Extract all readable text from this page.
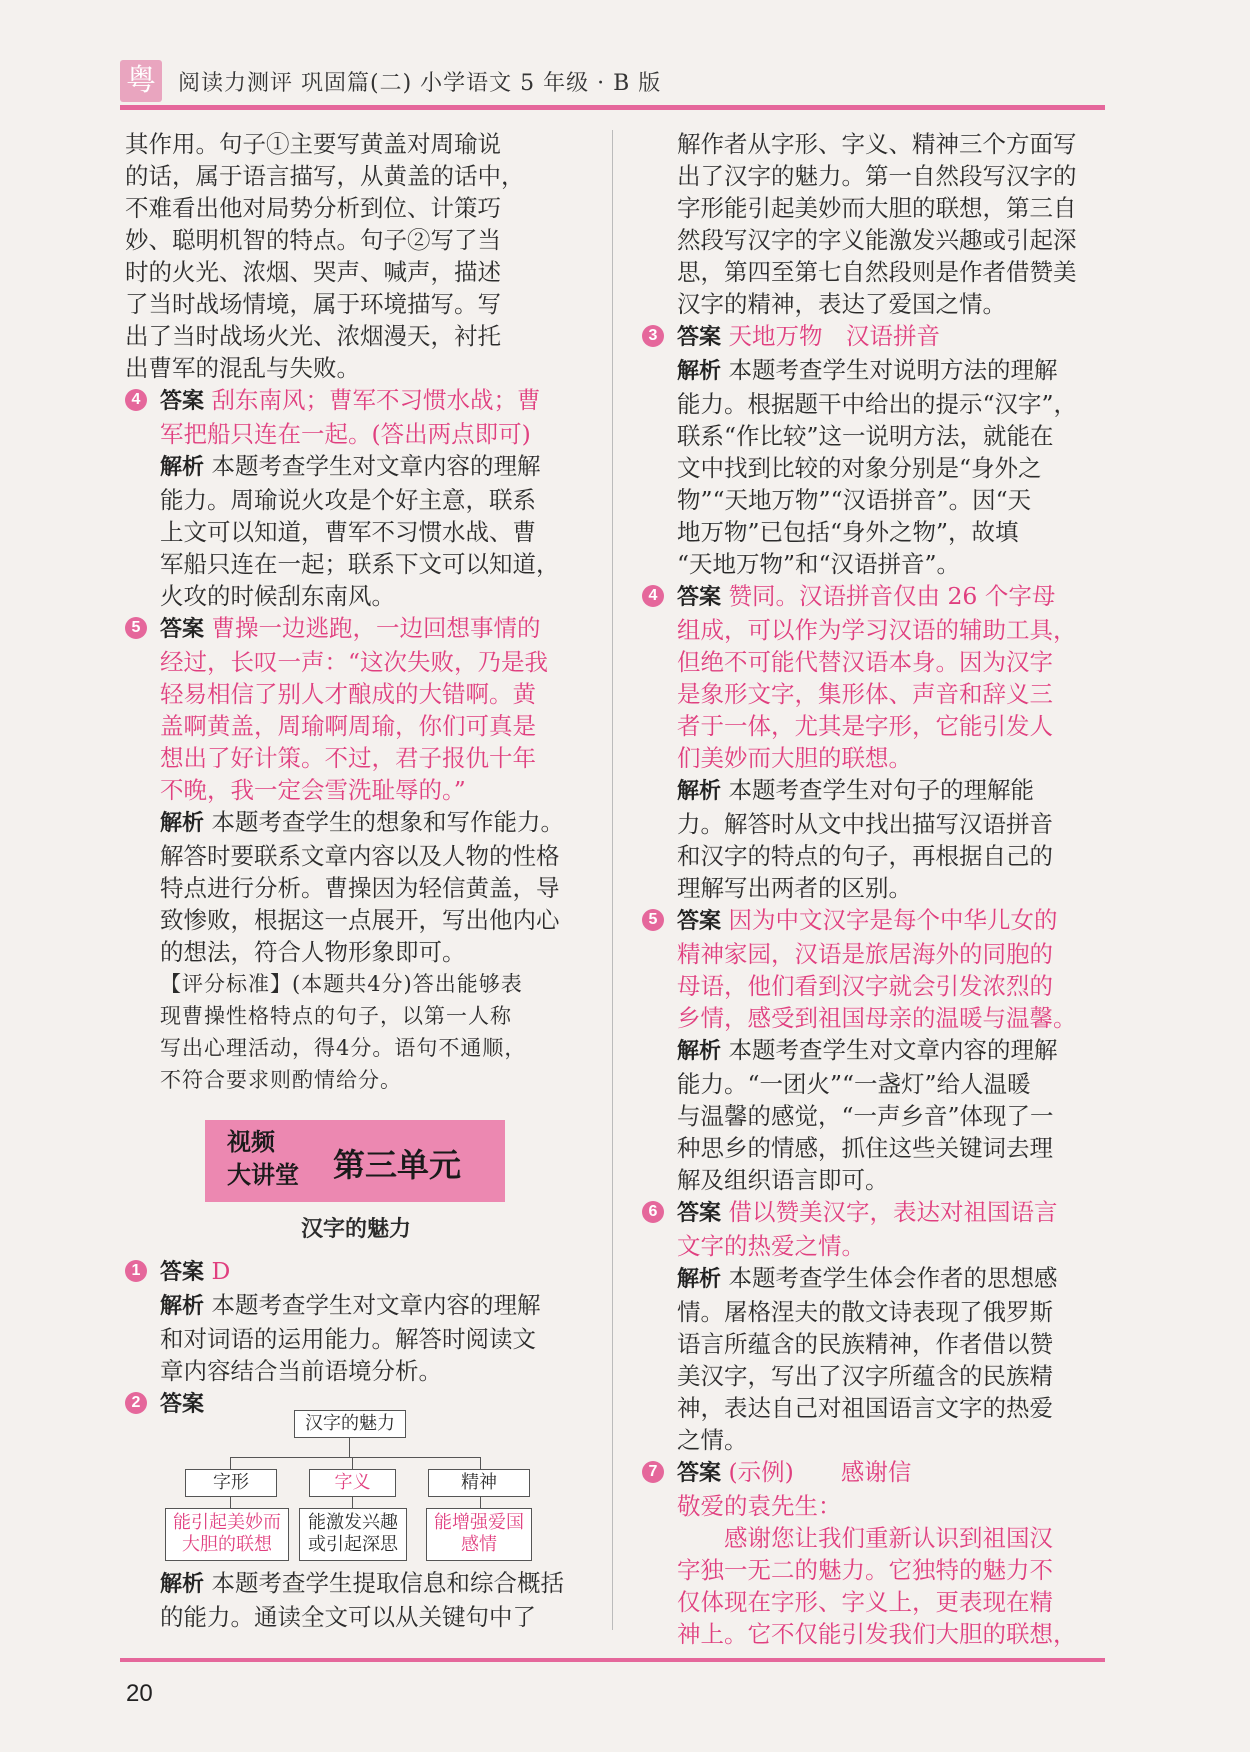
粤 阅读力测评 巩固篇(二) 小学语文 5 年级 · B 版

其作用。句子①主要写黄盖对周瑜说

的话，属于语言描写，从黄盖的话中，

不难看出他对局势分析到位、计策巧

妙、聪明机智的特点。句子②写了当

时的火光、浓烟、哭声、喊声，描述

了当时战场情境，属于环境描写。写

出了当时战场火光、浓烟漫天，衬托

出曹军的混乱与失败。

4 答案 刮东南风；曹军不习惯水战；曹

军把船只连在一起。(答出两点即可)

解析 本题考查学生对文章内容的理解

能力。周瑜说火攻是个好主意，联系

上文可以知道，曹军不习惯水战、曹

军船只连在一起；联系下文可以知道，

火攻的时候刮东南风。

5 答案 曹操一边逃跑，一边回想事情的

经过，长叹一声：“这次失败，乃是我

轻易相信了别人才酿成的大错啊。黄

盖啊黄盖，周瑜啊周瑜，你们可真是

想出了好计策。不过，君子报仇十年

不晚，我一定会雪洗耻辱的。”

解析 本题考查学生的想象和写作能力。

解答时要联系文章内容以及人物的性格

特点进行分析。曹操因为轻信黄盖，导

致惨败，根据这一点展开，写出他内心

的想法，符合人物形象即可。

【评分标准】(本题共4分)答出能够表

现曹操性格特点的句子，以第一人称

写出心理活动，得4分。语句不通顺，

不符合要求则酌情给分。

视频
大讲堂 第三单元
汉字的魅力
1 答案 D

解析 本题考查学生对文章内容的理解

和对词语的运用能力。解答时阅读文

章内容结合当前语境分析。

2 答案

汉字的魅力
字形	字义	精神
能引起美妙而
大胆的联想
能激发兴趣
或引起深思
能增强爱国
感情

解析 本题考查学生提取信息和综合概括

的能力。通读全文可以从关键句中了

解作者从字形、字义、精神三个方面写

出了汉字的魅力。第一自然段写汉字的

字形能引起美妙而大胆的联想，第三自

然段写汉字的字义能激发兴趣或引起深

思，第四至第七自然段则是作者借赞美

汉字的精神，表达了爱国之情。

3 答案 天地万物　汉语拼音

解析 本题考查学生对说明方法的理解

能力。根据题干中给出的提示“汉字”，

联系“作比较”这一说明方法，就能在

文中找到比较的对象分别是“身外之

物”“天地万物”“汉语拼音”。因“天

地万物”已包括“身外之物”，故填

“天地万物”和“汉语拼音”。

4 答案 赞同。汉语拼音仅由 26 个字母

组成，可以作为学习汉语的辅助工具，

但绝不可能代替汉语本身。因为汉字

是象形文字，集形体、声音和辞义三

者于一体，尤其是字形，它能引发人

们美妙而大胆的联想。

解析 本题考查学生对句子的理解能

力。解答时从文中找出描写汉语拼音

和汉字的特点的句子，再根据自己的

理解写出两者的区别。

5 答案 因为中文汉字是每个中华儿女的

精神家园，汉语是旅居海外的同胞的

母语，他们看到汉字就会引发浓烈的

乡情，感受到祖国母亲的温暖与温馨。

解析 本题考查学生对文章内容的理解

能力。“一团火”“一盏灯”给人温暖

与温馨的感觉，“一声乡音”体现了一

种思乡的情感，抓住这些关键词去理

解及组织语言即可。

6 答案 借以赞美汉字，表达对祖国语言

文字的热爱之情。

解析 本题考查学生体会作者的思想感

情。屠格涅夫的散文诗表现了俄罗斯

语言所蕴含的民族精神，作者借以赞

美汉字，写出了汉字所蕴含的民族精

神，表达自己对祖国语言文字的热爱

之情。

7 答案 (示例)　　感谢信

敬爱的袁先生：

　　感谢您让我们重新认识到祖国汉

字独一无二的魅力。它独特的魅力不

仅体现在字形、字义上，更表现在精

神上。它不仅能引发我们大胆的联想，

20
